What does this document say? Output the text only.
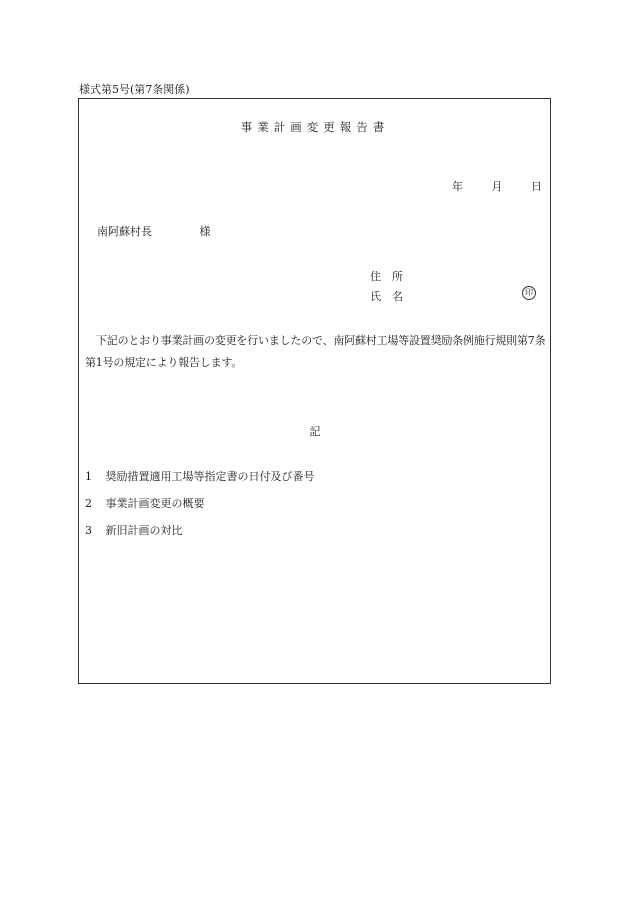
様式第5号(第7条関係)
事業計画変更報告書
年	月	日
南阿蘇村長	様
住　所
氏　名	印
下記のとおり事業計画の変更を行いましたので、南阿蘇村工場等設置奨励条例施行規則第7条第1号の規定により報告します。
記
1 奨励措置適用工場等指定書の日付及び番号
2 事業計画変更の概要
3 新旧計画の対比
